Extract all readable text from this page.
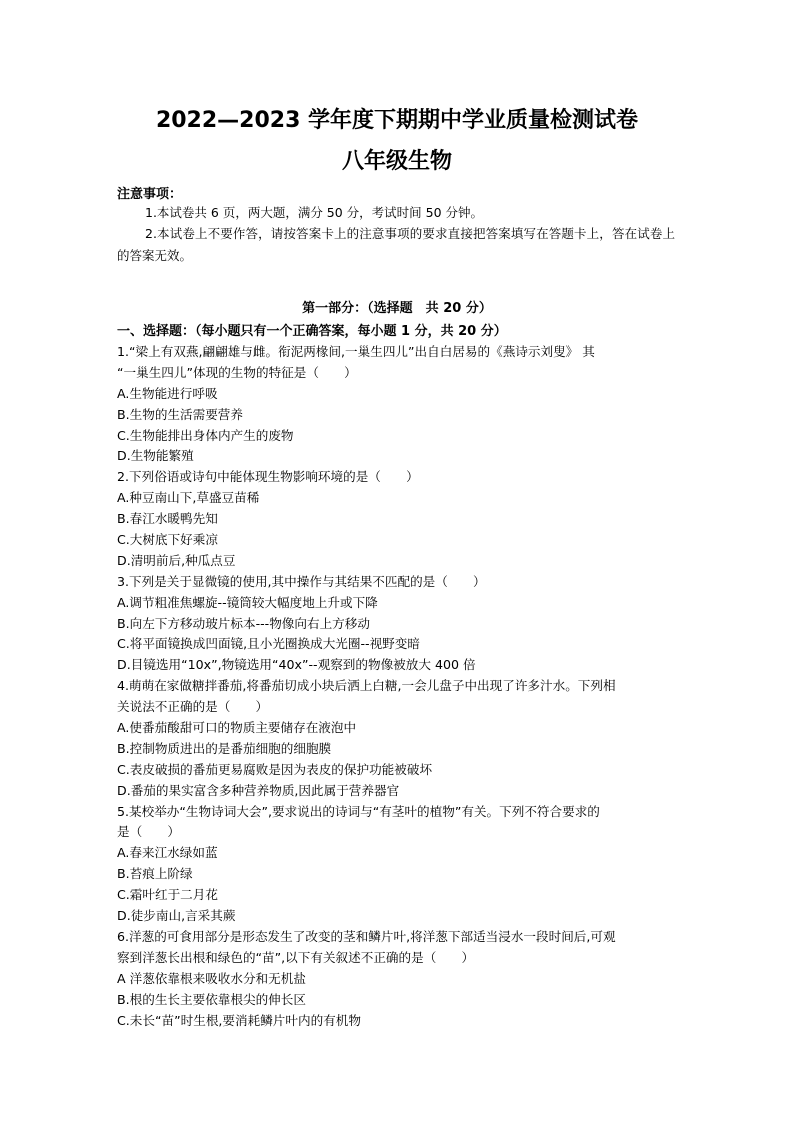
2022—2023 学年度下期期中学业质量检测试卷
八年级生物
注意事项：
1.本试卷共 6 页，两大题，满分 50 分，考试时间 50 分钟。
2.本试卷上不要作答，请按答案卡上的注意事项的要求直接把答案填写在答题卡上，答在试卷上的答案无效。
第一部分：（选择题　共 20 分）
一、选择题：（每小题只有一个正确答案，每小题 1 分，共 20 分）
1.“梁上有双燕,翩翩雄与雌。衔泥两椽间,一巢生四儿”出自白居易的《燕诗示刘叟》 其
“一巢生四儿”体现的生物的特征是（　　）
A.生物能进行呼吸
B.生物的生活需要营养
C.生物能排出身体内产生的废物
D.生物能繁殖
2.下列俗语或诗句中能体现生物影响环境的是（　　）
A.种豆南山下,草盛豆苗稀
B.春江水暖鸭先知
C.大树底下好乘凉
D.清明前后,种瓜点豆
3.下列是关于显微镜的使用,其中操作与其结果不匹配的是（　　）
A.调节粗准焦螺旋--镜筒较大幅度地上升或下降
B.向左下方移动玻片标本---物像向右上方移动
C.将平面镜换成凹面镜,且小光圈换成大光圈--视野变暗
D.目镜选用“10x”,物镜选用“40x”--观察到的物像被放大 400 倍
4.萌萌在家做糖拌番茄,将番茄切成小块后洒上白糖,一会儿盘子中出现了许多汁水。下列相
关说法不正确的是（　　）
A.使番茄酸甜可口的物质主要储存在液泡中
B.控制物质进出的是番茄细胞的细胞膜
C.表皮破损的番茄更易腐败是因为表皮的保护功能被破坏
D.番茄的果实富含多种营养物质,因此属于营养器官
5.某校举办“生物诗词大会”,要求说出的诗词与“有茎叶的植物”有关。下列不符合要求的
是（　　）
A.春来江水绿如蓝
B.苔痕上阶绿
C.霜叶红于二月花
D.徒步南山,言采其蕨
6.洋葱的可食用部分是形态发生了改变的茎和鳞片叶,将洋葱下部适当浸水一段时间后,可观
察到洋葱长出根和绿色的“苗”,以下有关叙述不正确的是（　　）
A 洋葱依靠根来吸收水分和无机盐
B.根的生长主要依靠根尖的伸长区
C.未长“苗”时生根,要消耗鳞片叶内的有机物
